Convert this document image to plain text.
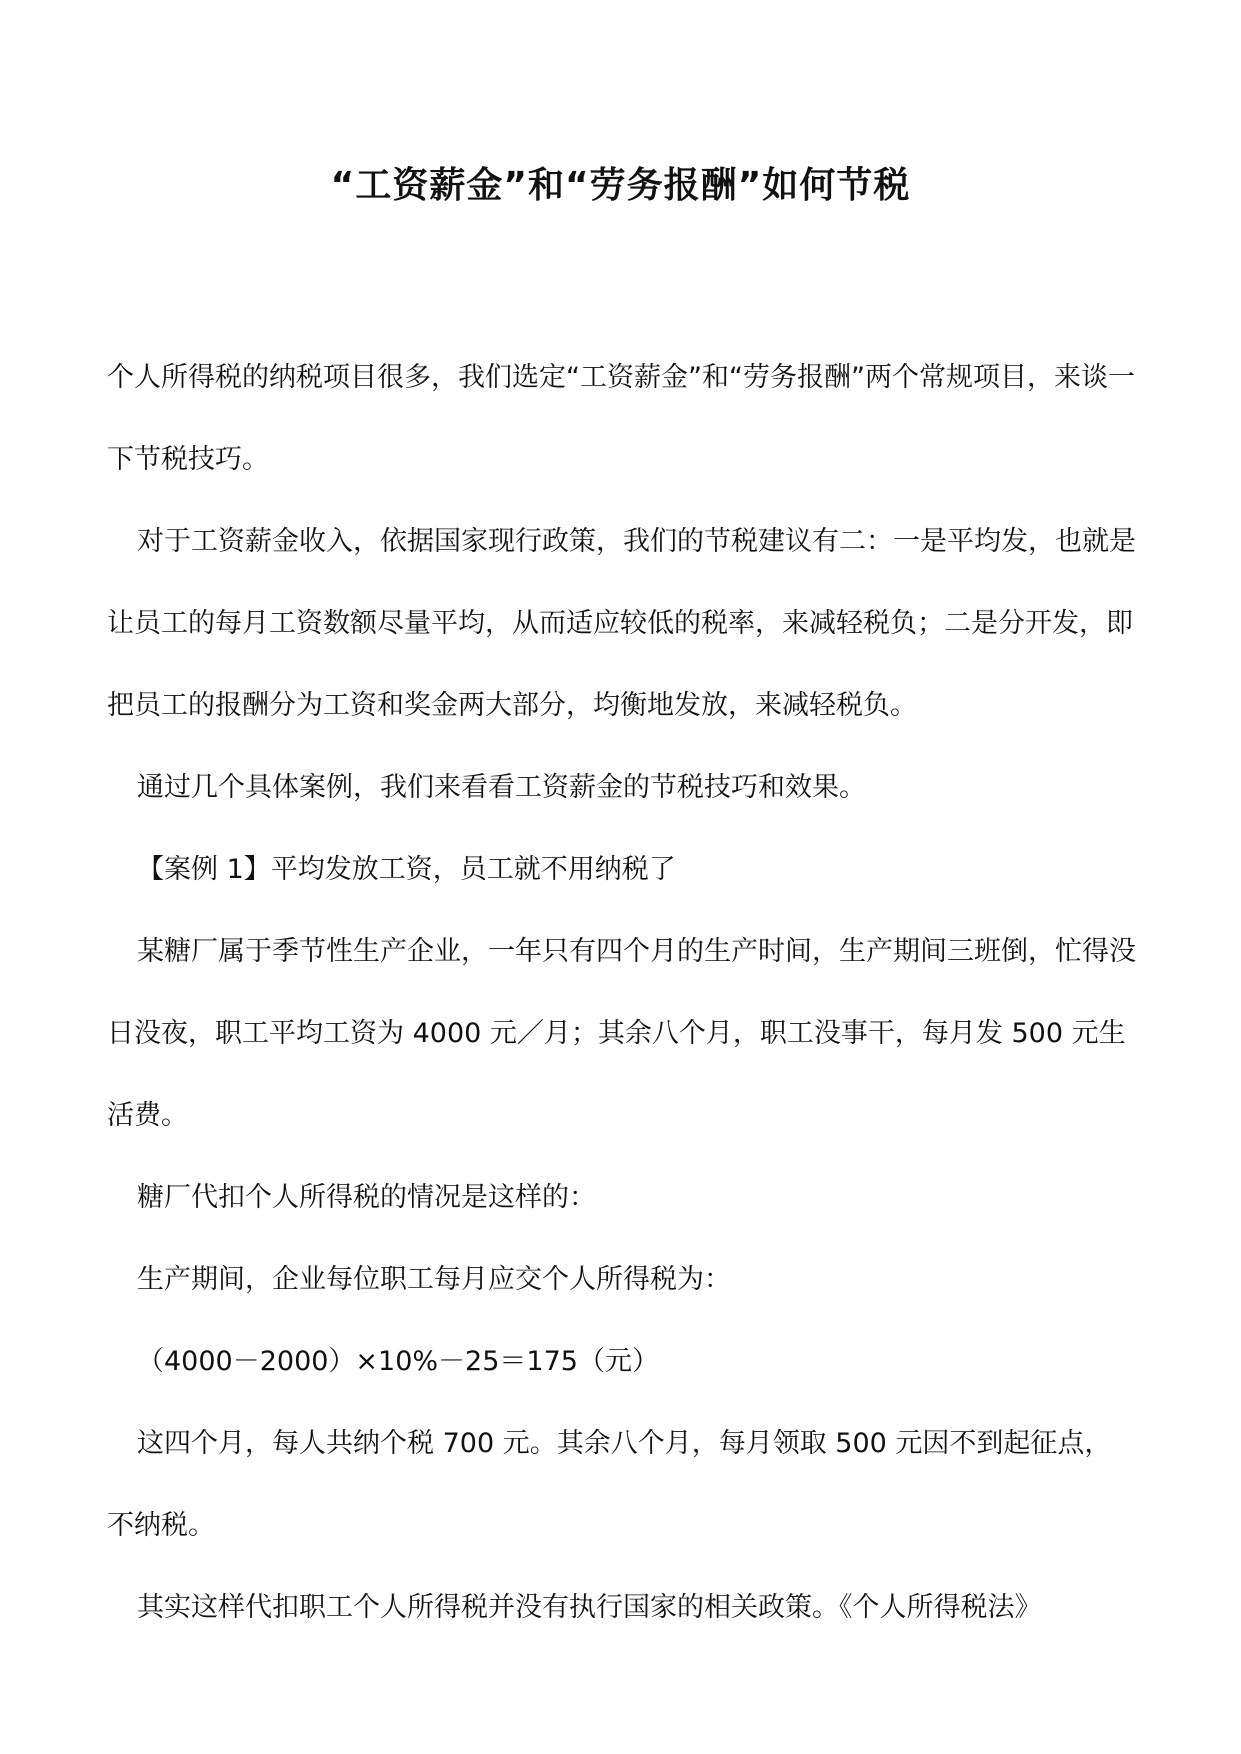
“工资薪金”和“劳务报酬”如何节税

个人所得税的纳税项目很多，我们选定“工资薪金”和“劳务报酬”两个常规项目，来谈一下节税技巧。

对于工资薪金收入，依据国家现行政策，我们的节税建议有二：一是平均发，也就是让员工的每月工资数额尽量平均，从而适应较低的税率，来减轻税负；二是分开发，即把员工的报酬分为工资和奖金两大部分，均衡地发放，来减轻税负。

通过几个具体案例，我们来看看工资薪金的节税技巧和效果。

【案例 1】平均发放工资，员工就不用纳税了

某糖厂属于季节性生产企业，一年只有四个月的生产时间，生产期间三班倒，忙得没日没夜，职工平均工资为 4000 元／月；其余八个月，职工没事干，每月发 500 元生活费。

糖厂代扣个人所得税的情况是这样的：

生产期间，企业每位职工每月应交个人所得税为：

（4000－2000）×10%－25＝175（元）

这四个月，每人共纳个税 700 元。其余八个月，每月领取 500 元因不到起征点，不纳税。

其实这样代扣职工个人所得税并没有执行国家的相关政策。《个人所得税法》
